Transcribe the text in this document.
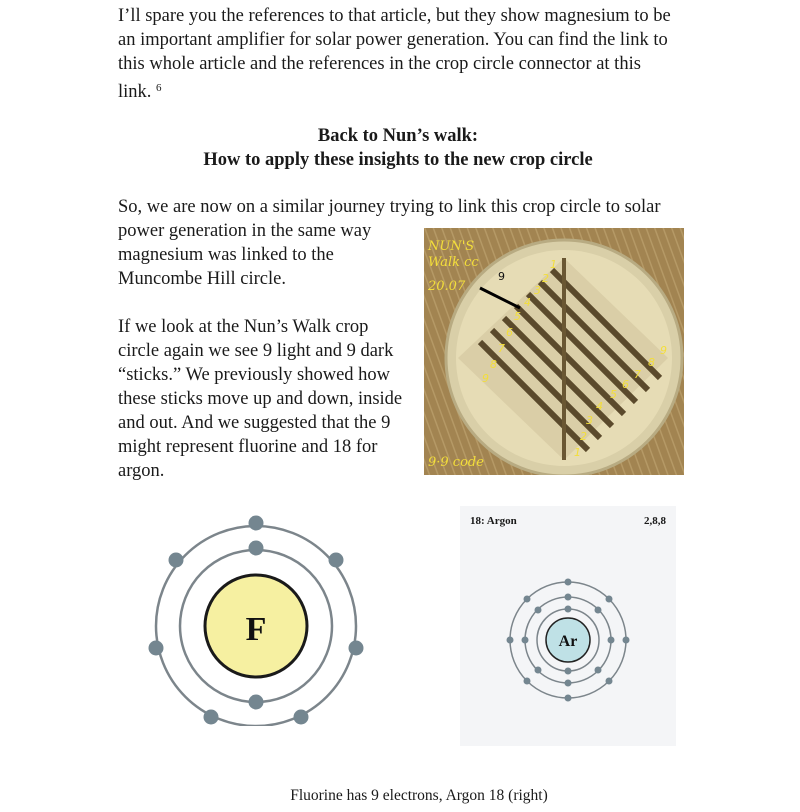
I’ll spare you the references to that article, but they show magnesium to be an important amplifier for solar power generation. You can find the link to this whole article and the references in the crop circle connector at this link. $^6$

Back to Nun’s walk:

How to apply these insights to the new crop circle

So, we are now on a similar journey trying to link this crop circle to solar

power generation in the same way magnesium was linked to the Muncombe Hill circle.

If we look at the Nun’s Walk crop circle again we see 9 light and 9 dark “sticks.” We previously showed how these sticks move up and down, inside and out. And we suggested that the 9 might represent fluorine and 18 for argon.

NUN'S
Walk cc
20.07
9·9 code
9
1
2
3
4
5
6
7
8
9
1
2
3
4
5
6
7
8
9
F
18: Argon	2,8,8
Ar

Fluorine has 9 electrons, Argon 18 (right)
